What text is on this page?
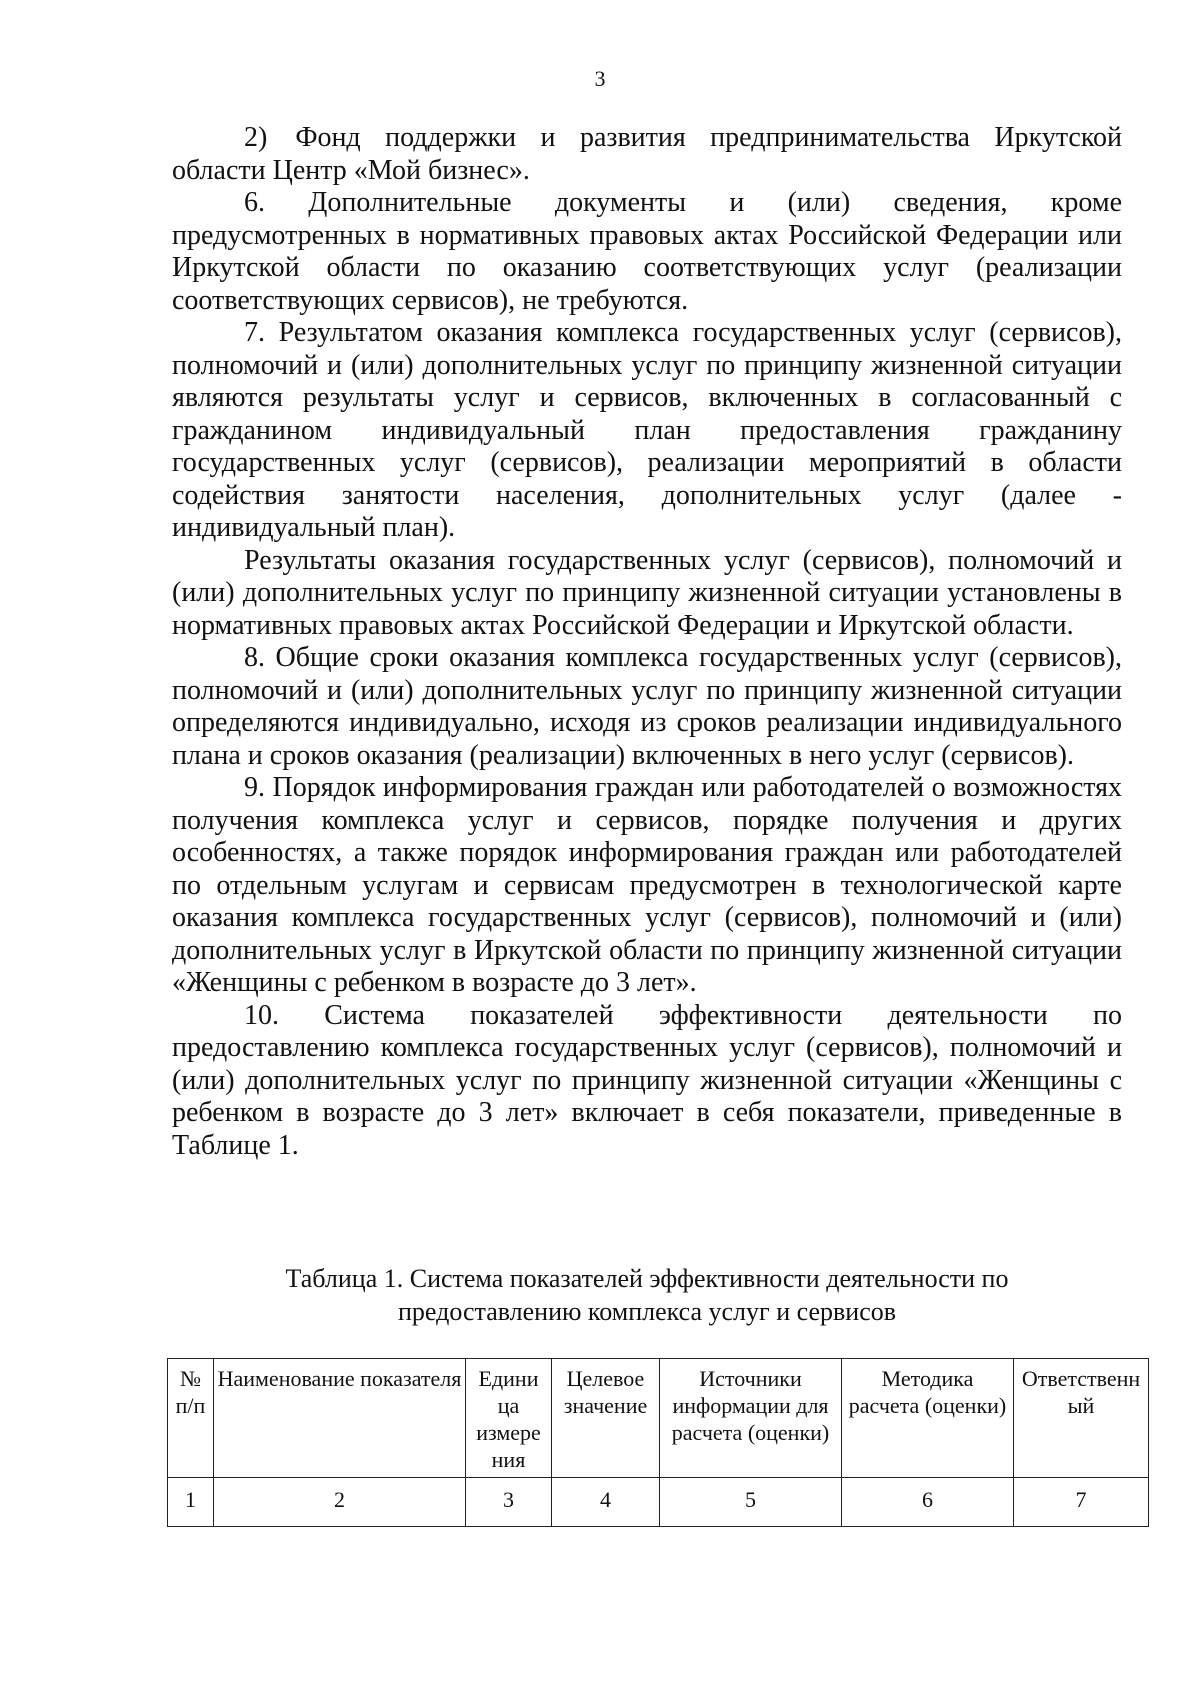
3

2) Фонд поддержки и развития предпринимательства Иркутской области Центр «Мой бизнес».

6. Дополнительные документы и (или) сведения, кроме предусмотренных в нормативных правовых актах Российской Федерации или Иркутской области по оказанию соответствующих услуг (реализации соответствующих сервисов), не требуются.

7. Результатом оказания комплекса государственных услуг (сервисов), полномочий и (или) дополнительных услуг по принципу жизненной ситуации являются результаты услуг и сервисов, включенных в согласованный с гражданином индивидуальный план предоставления гражданину государственных услуг (сервисов), реализации мероприятий в области содействия занятости населения, дополнительных услуг (далее - индивидуальный план).

Результаты оказания государственных услуг (сервисов), полномочий и (или) дополнительных услуг по принципу жизненной ситуации установлены в нормативных правовых актах Российской Федерации и Иркутской области.

8. Общие сроки оказания комплекса государственных услуг (сервисов), полномочий и (или) дополнительных услуг по принципу жизненной ситуации определяются индивидуально, исходя из сроков реализации индивидуального плана и сроков оказания (реализации) включенных в него услуг (сервисов).

9. Порядок информирования граждан или работодателей о возможностях получения комплекса услуг и сервисов, порядке получения и других особенностях, а также порядок информирования граждан или работодателей по отдельным услугам и сервисам предусмотрен в технологической карте оказания комплекса государственных услуг (сервисов), полномочий и (или) дополнительных услуг в Иркутской области по принципу жизненной ситуации «Женщины с ребенком в возрасте до 3 лет».

10. Система показателей эффективности деятельности по предоставлению комплекса государственных услуг (сервисов), полномочий и (или) дополнительных услуг по принципу жизненной ситуации «Женщины с ребенком в возрасте до 3 лет» включает в себя показатели, приведенные в Таблице 1.

Таблица 1. Система показателей эффективности деятельности по
предоставлению комплекса услуг и сервисов
№ п/п	Наименование показателя	Едини ца измере ния	Целевое значение	Источники информации для расчета (оценки)	Методика расчета (оценки)	Ответственн ый
1	2	3	4	5	6	7
